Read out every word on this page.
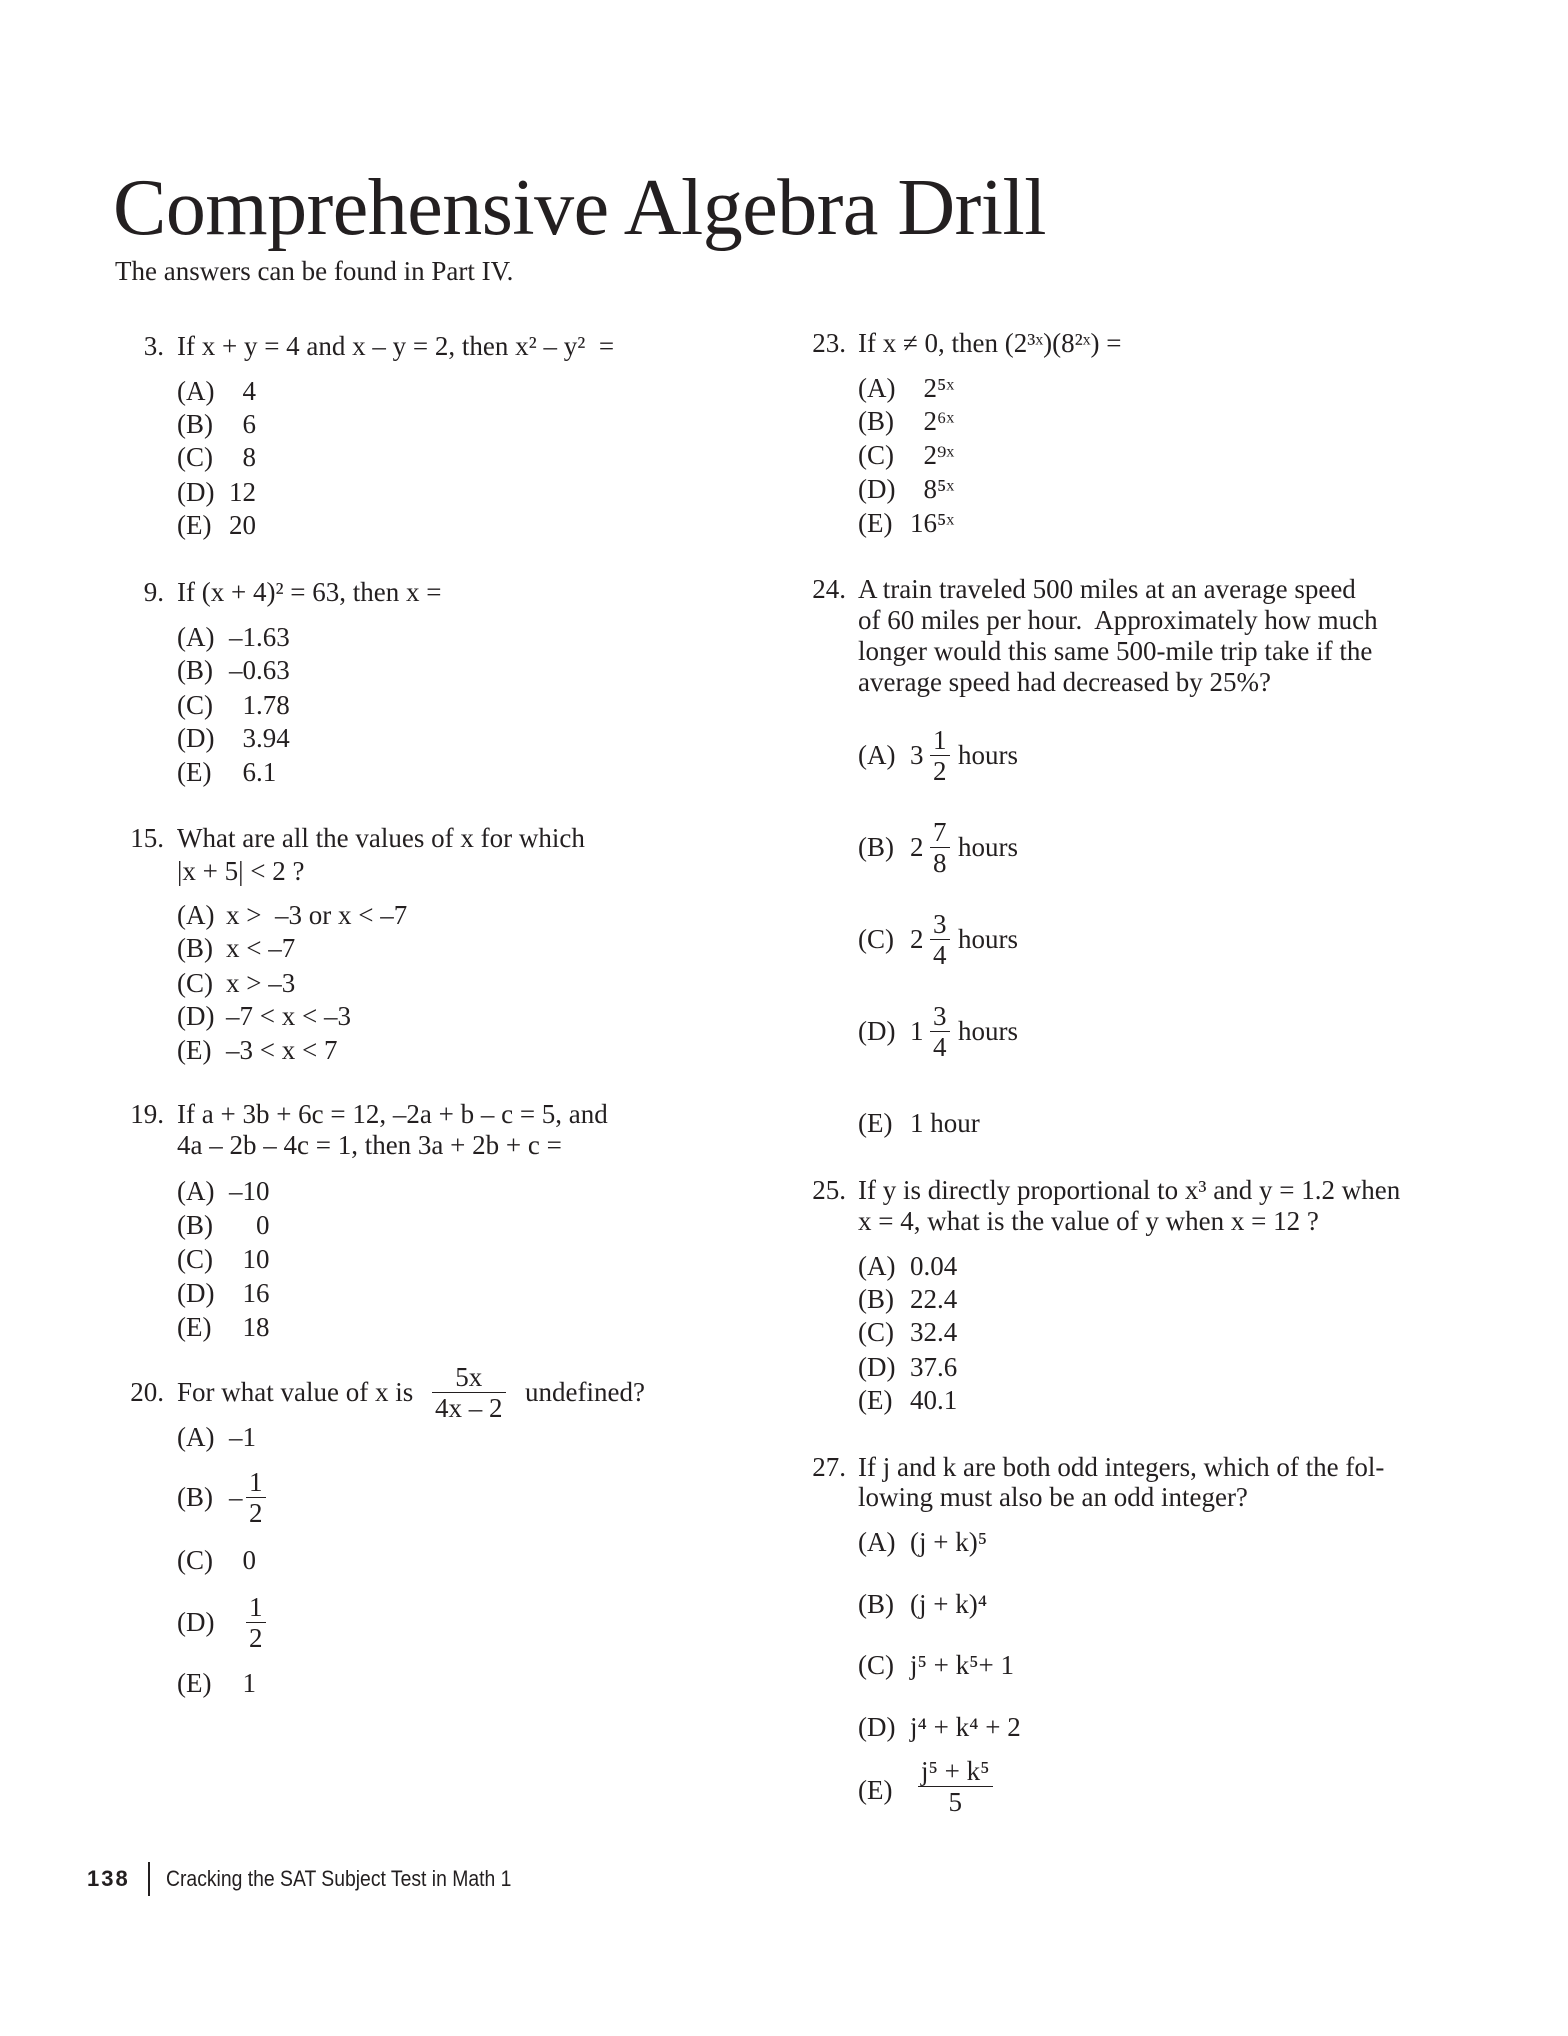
Comprehensive Algebra Drill
The answers can be found in Part IV.
3. If x + y = 4 and x – y = 2, then x² – y²  =
(A)  4
(B)  6
(C)  8
(D) 12
(E) 20
9. If (x + 4)² = 63, then x =
(A) –1.63
(B) –0.63
(C)  1.78
(D)  3.94
(E)  6.1
15. What are all the values of x for which
|x + 5| < 2 ?
(A) x >  –3 or x < –7
(B) x < –7
(C) x > –3
(D) –7 < x < –3
(E) –3 < x < 7
19. If a + 3b + 6c = 12, –2a + b – c = 5, and
4a – 2b – 4c = 1, then 3a + 2b + c =
(A) –10
(B)   0
(C)  10
(D)  16
(E)  18
20. For what value of x is 5x
4x – 2
undefined?
(A) –1
(B) – 1
2
(C)  0
(D) 1
2
(E)  1
23. If x ≠ 0, then (2³ˣ)(8²ˣ) =
(A)  2⁵ˣ
(B)  2⁶ˣ
(C)  2⁹ˣ
(D)  8⁵ˣ
(E) 16⁵ˣ
24. A train traveled 500 miles at an average speed
of 60 miles per hour.  Approximately how much
longer would this same 500-mile trip take if the
average speed had decreased by 25%?
(A) 3 1
2
hours
(B) 2 7
8
hours
(C) 2 3
4
hours
(D) 1 3
4
hours
(E) 1 hour
25. If y is directly proportional to x³ and y = 1.2 when
x = 4, what is the value of y when x = 12 ?
(A) 0.04
(B) 22.4
(C) 32.4
(D) 37.6
(E) 40.1
27. If j and k are both odd integers, which of the fol-
lowing must also be an odd integer?
(A) (j + k)⁵
(B) (j + k)⁴
(C) j⁵ + k⁵+ 1
(D) j⁴ + k⁴ + 2
(E)
j⁵ + k⁵
5
138 Cracking the SAT Subject Test in Math 1
